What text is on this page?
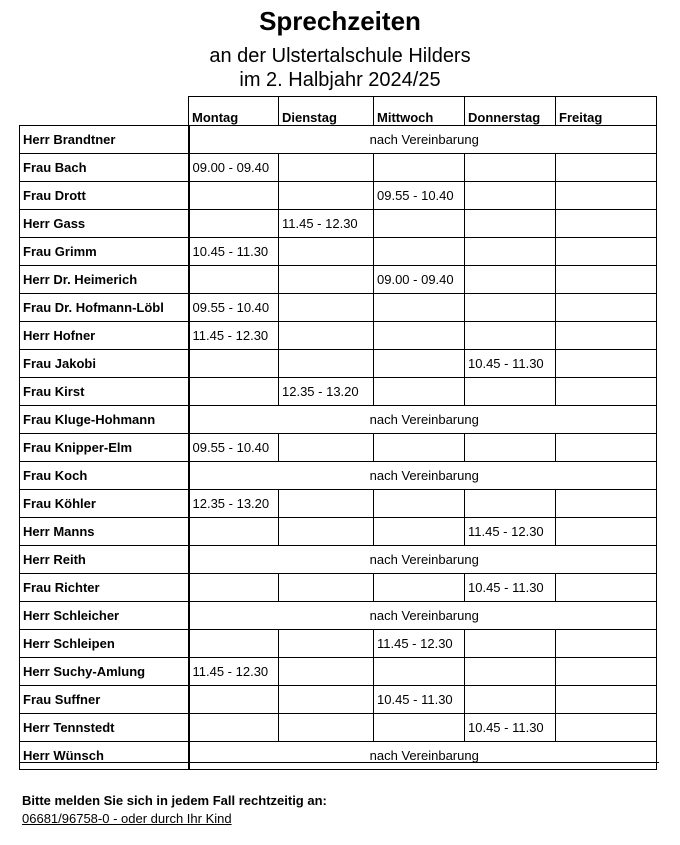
Sprechzeiten
an der Ulstertalschule Hilders
im 2. Halbjahr 2024/25
Montag	Dienstag	Mittwoch	Donnerstag	Freitag
Herr Brandtner	nach Vereinbarung				
Frau Bach	09.00 - 09.40				
Frau Drott			09.55 - 10.40		
Herr Gass		11.45 - 12.30			
Frau Grimm	10.45 - 11.30				
Herr Dr. Heimerich			09.00 - 09.40		
Frau Dr. Hofmann-Löbl	09.55 - 10.40				
Herr Hofner	11.45 - 12.30				
Frau Jakobi				10.45 - 11.30	
Frau Kirst		12.35 - 13.20			
Frau Kluge-Hohmann	nach Vereinbarung				
Frau Knipper-Elm	09.55 - 10.40				
Frau Koch	nach Vereinbarung				
Frau Köhler	12.35 - 13.20				
Herr Manns				11.45 - 12.30	
Herr Reith	nach Vereinbarung				
Frau Richter				10.45 - 11.30	
Herr Schleicher	nach Vereinbarung				
Herr Schleipen			11.45 - 12.30		
Herr Suchy-Amlung	11.45 - 12.30				
Frau Suffner			10.45 - 11.30		
Herr Tennstedt				10.45 - 11.30	
Herr Wünsch	nach Vereinbarung				
Bitte melden Sie sich in jedem Fall rechtzeitig an:
06681/96758-0 - oder durch Ihr Kind
